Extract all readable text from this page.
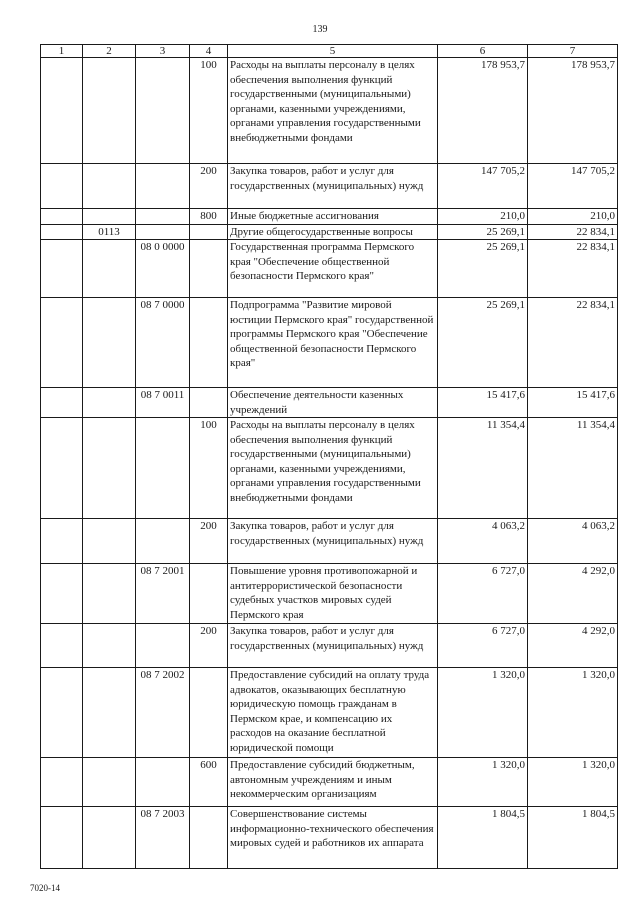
139
1	2	3	4	5	6	7
			100	Расходы на выплаты персоналу в целях обеспечения выполнения функций государственными (муниципальными) органами, казенными учреждениями, органами управления государственными внебюджетными фондами	178 953,7	178 953,7
			200	Закупка товаров, работ и услуг для государственных (муниципальных) нужд	147 705,2	147 705,2
			800	Иные бюджетные ассигнования	210,0	210,0
	0113			Другие общегосударственные вопросы	25 269,1	22 834,1
		08 0 0000		Государственная программа Пермского края "Обеспечение общественной безопасности Пермского края"	25 269,1	22 834,1
		08 7 0000		Подпрограмма "Развитие мировой юстиции Пермского края" государственной программы Пермского края "Обеспечение общественной безопасности Пермского края"	25 269,1	22 834,1
		08 7 0011		Обеспечение деятельности казенных учреждений	15 417,6	15 417,6
			100	Расходы на выплаты персоналу в целях обеспечения выполнения функций государственными (муниципальными) органами, казенными учреждениями, органами управления государственными внебюджетными фондами	11 354,4	11 354,4
			200	Закупка товаров, работ и услуг для государственных (муниципальных) нужд	4 063,2	4 063,2
		08 7 2001		Повышение уровня противопожарной и антитеррористической безопасности судебных участков мировых судей Пермского края	6 727,0	4 292,0
			200	Закупка товаров, работ и услуг для государственных (муниципальных) нужд	6 727,0	4 292,0
		08 7 2002		Предоставление субсидий на оплату труда адвокатов, оказывающих бесплатную юридическую помощь гражданам в Пермском крае, и компенсацию их расходов на оказание бесплатной юридической помощи	1 320,0	1 320,0
			600	Предоставление субсидий бюджетным, автономным учреждениям и иным некоммерческим организациям	1 320,0	1 320,0
		08 7 2003		Совершенствование системы информационно-технического обеспечения мировых судей и работников их аппарата	1 804,5	1 804,5
7020-14
